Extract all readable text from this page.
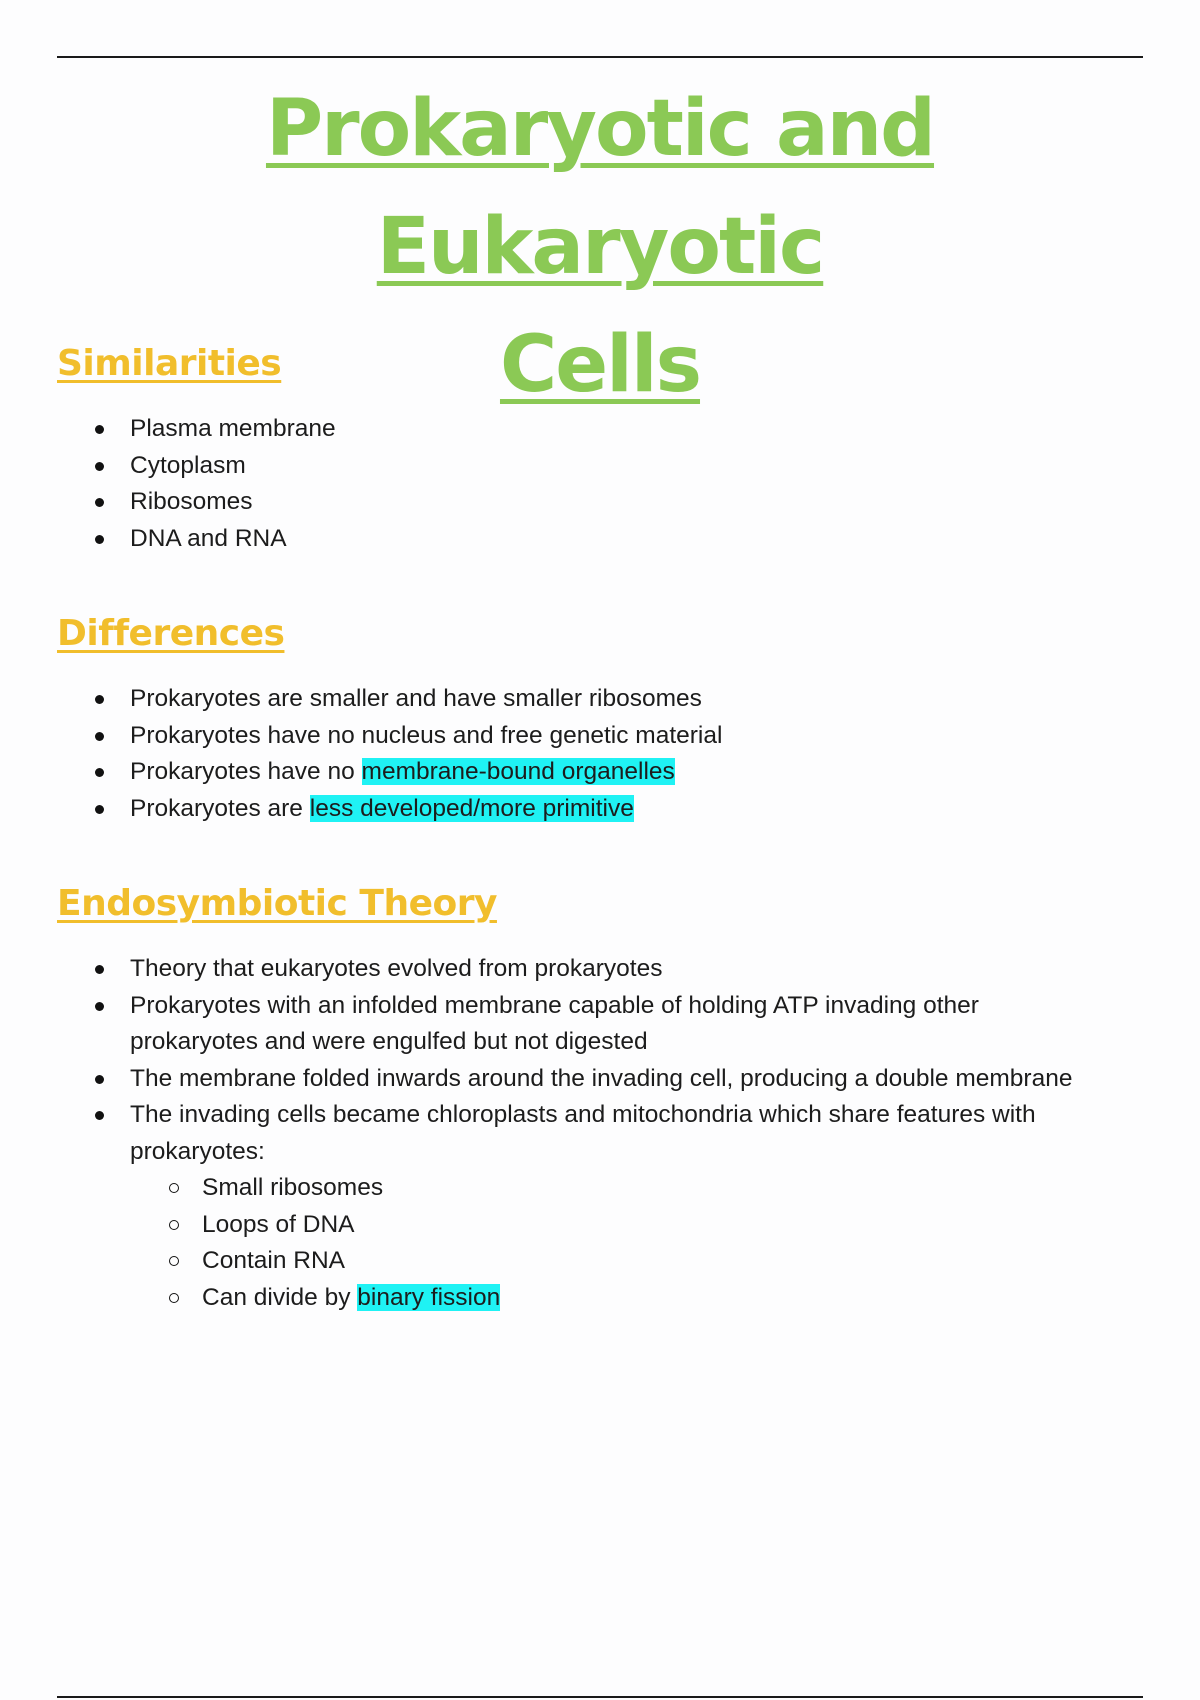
Prokaryotic and Eukaryotic
Cells
Similarities
Plasma membrane
Cytoplasm
Ribosomes
DNA and RNA
Differences
Prokaryotes are smaller and have smaller ribosomes
Prokaryotes have no nucleus and free genetic material
Prokaryotes have no membrane-bound organelles
Prokaryotes are less developed/more primitive
Endosymbiotic Theory
Theory that eukaryotes evolved from prokaryotes
Prokaryotes with an infolded membrane capable of holding ATP invading other
prokaryotes and were engulfed but not digested
The membrane folded inwards around the invading cell, producing a double membrane
The invading cells became chloroplasts and mitochondria which share features with
prokaryotes:
Small ribosomes
Loops of DNA
Contain RNA
Can divide by binary fission
